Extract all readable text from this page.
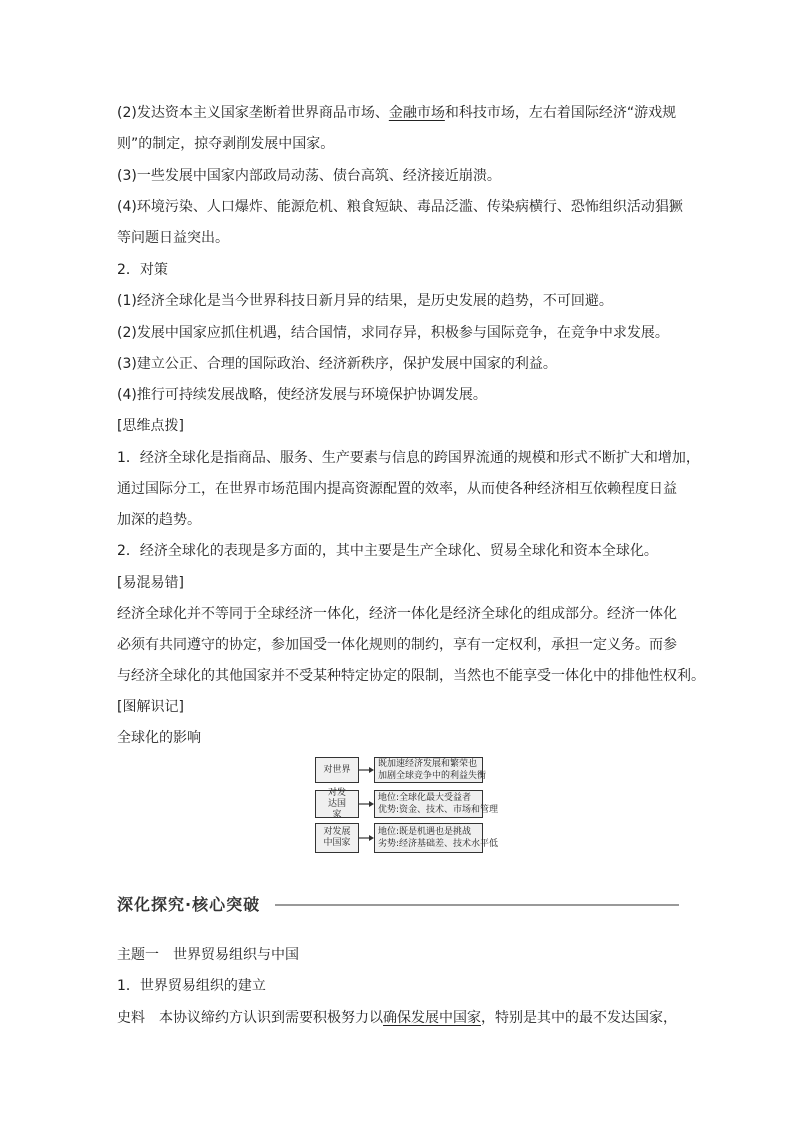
(2)发达资本主义国家垄断着世界商品市场、金融市场和科技市场，左右着国际经济“游戏规
则”的制定，掠夺剥削发展中国家。
(3)一些发展中国家内部政局动荡、债台高筑、经济接近崩溃。
(4)环境污染、人口爆炸、能源危机、粮食短缺、毒品泛滥、传染病横行、恐怖组织活动猖獗
等问题日益突出。
2．对策
(1)经济全球化是当今世界科技日新月异的结果，是历史发展的趋势，不可回避。
(2)发展中国家应抓住机遇，结合国情，求同存异，积极参与国际竞争，在竞争中求发展。
(3)建立公正、合理的国际政治、经济新秩序，保护发展中国家的利益。
(4)推行可持续发展战略，使经济发展与环境保护协调发展。
[思维点拨]
1．经济全球化是指商品、服务、生产要素与信息的跨国界流通的规模和形式不断扩大和增加，
通过国际分工，在世界市场范围内提高资源配置的效率，从而使各种经济相互依赖程度日益
加深的趋势。
2．经济全球化的表现是多方面的，其中主要是生产全球化、贸易全球化和资本全球化。
[易混易错]
经济全球化并不等同于全球经济一体化，经济一体化是经济全球化的组成部分。经济一体化
必须有共同遵守的协定，参加国受一体化规则的制约，享有一定权利，承担一定义务。而参
与经济全球化的其他国家并不受某种特定协定的限制，当然也不能享受一体化中的排他性权利。
[图解识记]
全球化的影响
对世界
既加速经济发展和繁荣也
加剧全球竞争中的利益失衡
对发达国家
地位:全球化最大受益者
优势:资金、技术、市场和管理
对发展中国家
地位:既是机遇也是挑战
劣势:经济基础差、技术水平低
深化探究·核心突破
主题一　世界贸易组织与中国
1．世界贸易组织的建立
史料　本协议缔约方认识到需要积极努力以确保发展中国家，特别是其中的最不发达国家，
